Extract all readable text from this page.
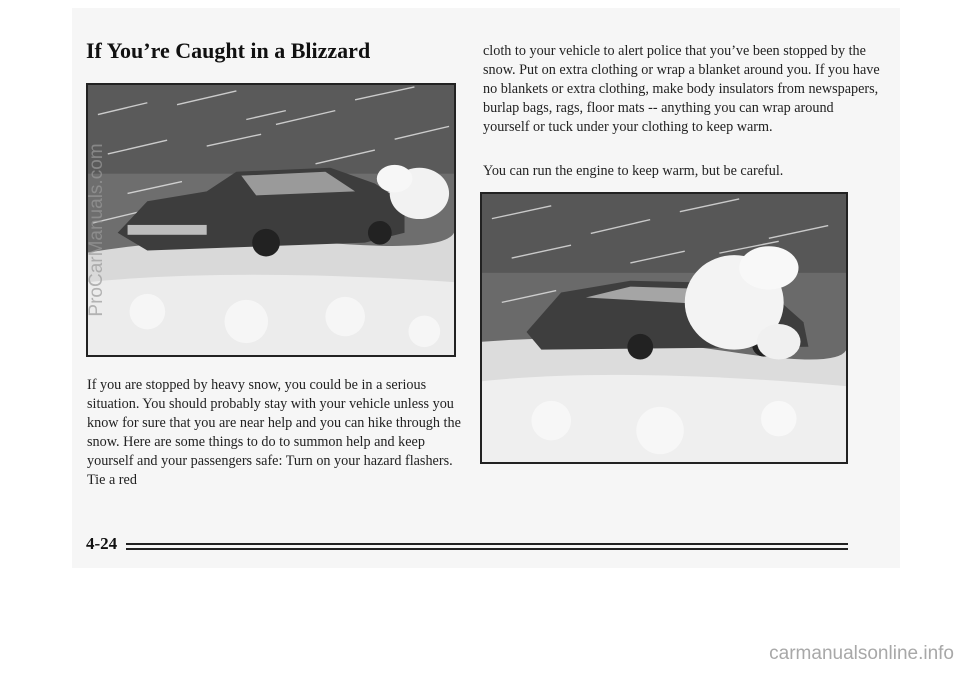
If You’re Caught in a Blizzard

If you are stopped by heavy snow, you could be in a serious situation. You should probably stay with your vehicle unless you know for sure that you are near help and you can hike through the snow. Here are some things to do to summon help and keep yourself and your passengers safe: Turn on your hazard flashers. Tie a red

cloth to your vehicle to alert police that you’ve been stopped by the snow. Put on extra clothing or wrap a blanket around you. If you have no blankets or extra clothing, make body insulators from newspapers, burlap bags, rags, floor mats -- anything you can wrap around yourself or tuck under your clothing to keep warm.

You can run the engine to keep warm, but be careful.

4-24
ProCarManuals.com
carmanualsonline.info
